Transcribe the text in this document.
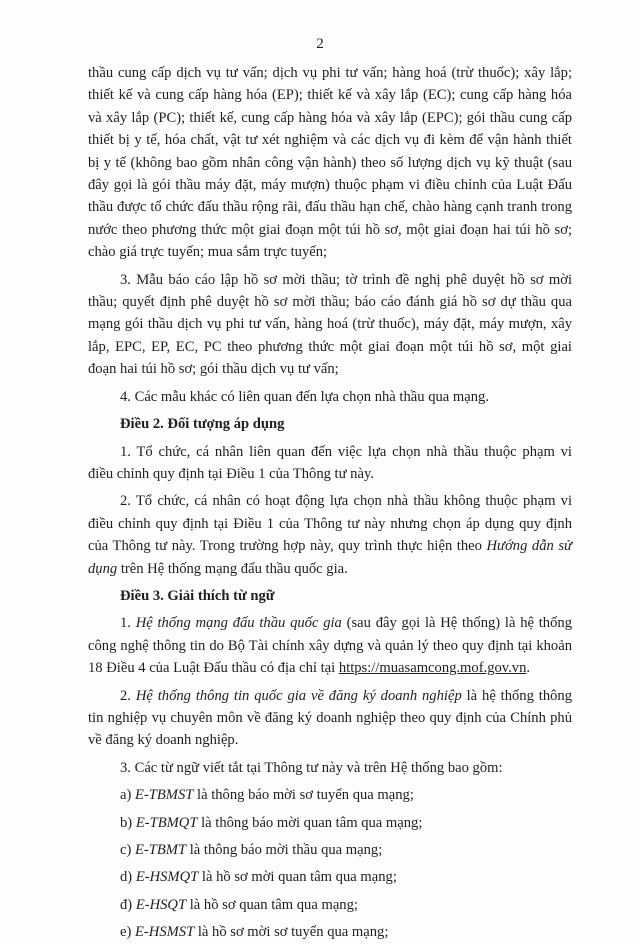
2

thầu cung cấp dịch vụ tư vấn; dịch vụ phi tư vấn; hàng hoá (trừ thuốc); xây lắp;

thiết kế và cung cấp hàng hóa (EP); thiết kế và xây lắp (EC); cung cấp hàng hóa

và xây lắp (PC); thiết kế, cung cấp hàng hóa và xây lắp (EPC); gói thầu cung cấp

thiết bị y tế, hóa chất, vật tư xét nghiệm và các dịch vụ đi kèm để vận hành thiết

bị y tế (không bao gồm nhân công vận hành) theo số lượng dịch vụ kỹ thuật (sau

đây gọi là gói thầu máy đặt, máy mượn) thuộc phạm vi điều chỉnh của Luật Đấu

thầu được tổ chức đấu thầu rộng rãi, đấu thầu hạn chế, chào hàng cạnh tranh trong

nước theo phương thức một giai đoạn một túi hồ sơ, một giai đoạn hai túi hồ sơ;

chào giá trực tuyến; mua sắm trực tuyến;

3. Mẫu báo cáo lập hồ sơ mời thầu; tờ trình đề nghị phê duyệt hồ sơ mời

thầu; quyết định phê duyệt hồ sơ mời thầu; báo cáo đánh giá hồ sơ dự thầu qua

mạng gói thầu dịch vụ phi tư vấn, hàng hoá (trừ thuốc), máy đặt, máy mượn, xây

lắp, EPC, EP, EC, PC theo phương thức một giai đoạn một túi hồ sơ, một giai

đoạn hai túi hồ sơ; gói thầu dịch vụ tư vấn;

4. Các mẫu khác có liên quan đến lựa chọn nhà thầu qua mạng.

Điều 2. Đối tượng áp dụng

1. Tổ chức, cá nhân liên quan đến việc lựa chọn nhà thầu thuộc phạm vi

điều chỉnh quy định tại Điều 1 của Thông tư này.

2. Tổ chức, cá nhân có hoạt động lựa chọn nhà thầu không thuộc phạm vi

điều chỉnh quy định tại Điều 1 của Thông tư này nhưng chọn áp dụng quy định

của Thông tư này. Trong trường hợp này, quy trình thực hiện theo Hướng dẫn sử

dụng trên Hệ thống mạng đấu thầu quốc gia.

Điều 3. Giải thích từ ngữ

1. Hệ thống mạng đấu thầu quốc gia (sau đây gọi là Hệ thống) là hệ thống

công nghệ thông tin do Bộ Tài chính xây dựng và quản lý theo quy định tại khoản

18 Điều 4 của Luật Đấu thầu có địa chỉ tại https://muasamcong.mof.gov.vn.

2. Hệ thống thông tin quốc gia về đăng ký doanh nghiệp là hệ thống thông

tin nghiệp vụ chuyên môn về đăng ký doanh nghiệp theo quy định của Chính phủ

về đăng ký doanh nghiệp.

3. Các từ ngữ viết tắt tại Thông tư này và trên Hệ thống bao gồm:

a) E-TBMST là thông báo mời sơ tuyển qua mạng;

b) E-TBMQT là thông báo mời quan tâm qua mạng;

c) E-TBMT là thông báo mời thầu qua mạng;

d) E-HSMQT là hồ sơ mời quan tâm qua mạng;

đ) E-HSQT là hồ sơ quan tâm qua mạng;

e) E-HSMST là hồ sơ mời sơ tuyển qua mạng;
